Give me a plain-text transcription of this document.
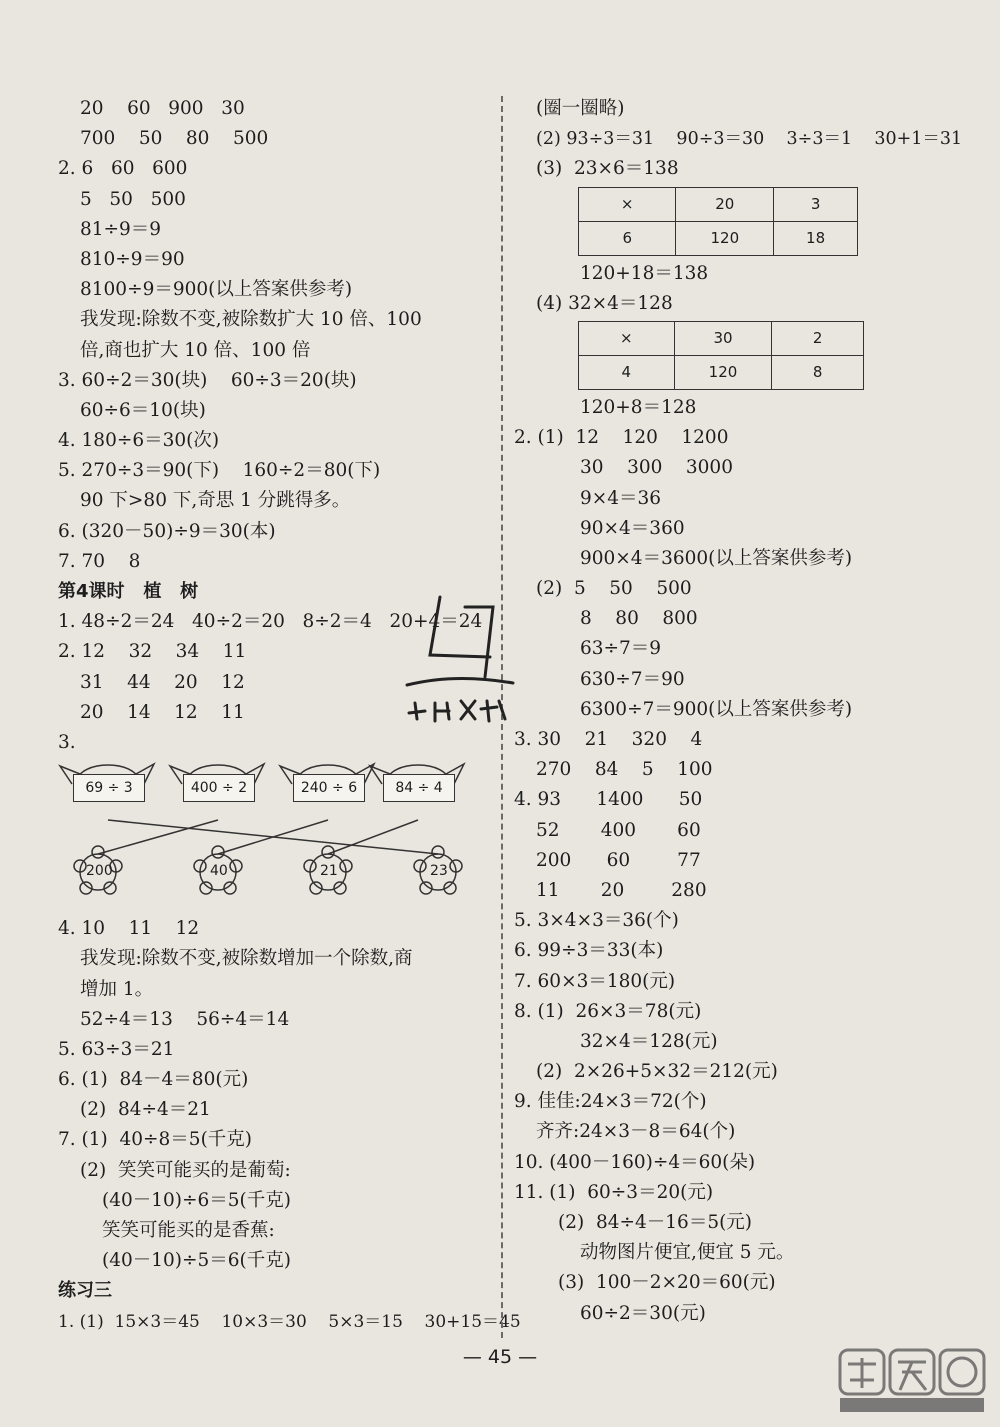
20    60   900   30
700    50    80    500
2. 6   60   600
5   50   500
81÷9＝9
810÷9＝90
8100÷9＝900(以上答案供参考)
我发现:除数不变,被除数扩大 10 倍、100
倍,商也扩大 10 倍、100 倍
3. 60÷2＝30(块)    60÷3＝20(块)
60÷6＝10(块)
4. 180÷6＝30(次)
5. 270÷3＝90(下)    160÷2＝80(下)
90 下>80 下,奇思 1 分跳得多。
6. (320－50)÷9＝30(本)
7. 70    8
第4课时   植   树
1. 48÷2＝24   40÷2＝20   8÷2＝4   20+4＝24
2. 12    32    34    11
31    44    20    12
20    14    12    11
3.
69 ÷ 3	400 ÷ 2	240 ÷ 6	84 ÷ 4
200	40	21	23
4. 10    11    12
我发现:除数不变,被除数增加一个除数,商
增加 1。
52÷4＝13    56÷4＝14
5. 63÷3＝21
6. (1)  84－4＝80(元)
(2)  84÷4＝21
7. (1)  40÷8＝5(千克)
(2)  笑笑可能买的是葡萄:
(40－10)÷6＝5(千克)
笑笑可能买的是香蕉:
(40－10)÷5＝6(千克)
练习三
1. (1)  15×3＝45    10×3＝30    5×3＝15    30+15＝45
(圈一圈略)
(2) 93÷3＝31    90÷3＝30    3÷3＝1    30+1＝31
(3)  23×6＝138
×	20	3
6	120	18
120+18＝138
(4) 32×4＝128
×	30	2
4	120	8
120+8＝128
2. (1)  12    120    1200
30    300    3000
9×4＝36
90×4＝360
900×4＝3600(以上答案供参考)
(2)  5    50    500
8    80    800
63÷7＝9
630÷7＝90
6300÷7＝900(以上答案供参考)
3. 30    21    320    4
270    84    5    100
4. 93      1400      50
52       400       60
200      60        77
11       20        280
5. 3×4×3＝36(个)
6. 99÷3＝33(本)
7. 60×3＝180(元)
8. (1)  26×3＝78(元)
32×4＝128(元)
(2)  2×26+5×32＝212(元)
9. 佳佳:24×3＝72(个)
齐齐:24×3－8＝64(个)
10. (400－160)÷4＝60(朵)
11. (1)  60÷3＝20(元)
(2)  84÷4－16＝5(元)
动物图片便宜,便宜 5 元。
(3)  100－2×20＝60(元)
60÷2＝30(元)
— 45 —
